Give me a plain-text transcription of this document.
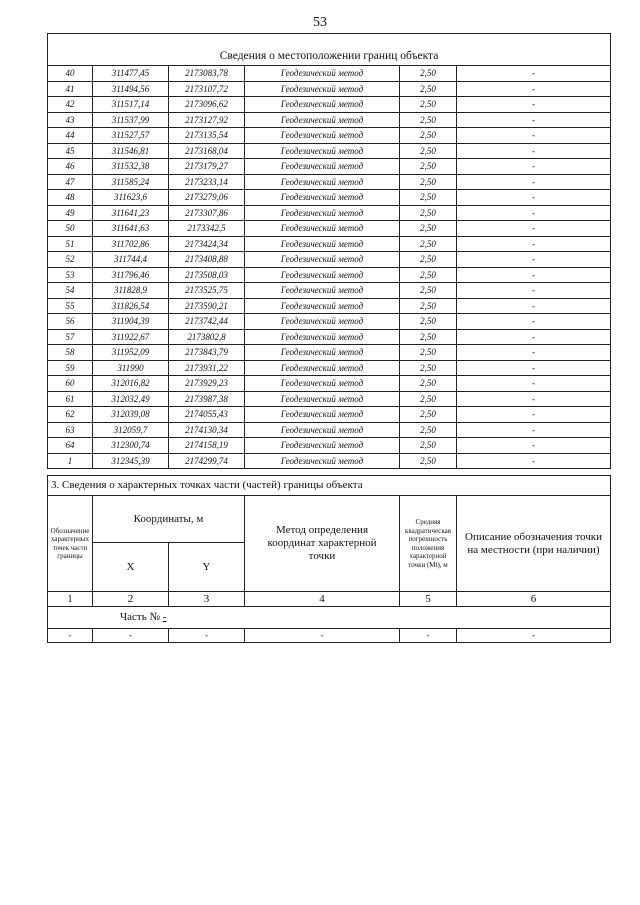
53
Сведения о местоположении границ объекта					
40	311477,45	2173083,78	Геодезический метод	2,50	-
41	311494,56	2173107,72	Геодезический метод	2,50	-
42	311517,14	2173096,62	Геодезический метод	2,50	-
43	311537,99	2173127,92	Геодезический метод	2,50	-
44	311527,57	2173135,54	Геодезический метод	2,50	-
45	311546,81	2173168,04	Геодезический метод	2,50	-
46	311532,38	2173179,27	Геодезический метод	2,50	-
47	311585,24	2173233,14	Геодезический метод	2,50	-
48	311623,6	2173279,06	Геодезический метод	2,50	-
49	311641,23	2173307,86	Геодезический метод	2,50	-
50	311641,63	2173342,5	Геодезический метод	2,50	-
51	311702,86	2173424,34	Геодезический метод	2,50	-
52	311744,4	2173408,88	Геодезический метод	2,50	-
53	311796,46	2173508,03	Геодезический метод	2,50	-
54	311828,9	2173525,75	Геодезический метод	2,50	-
55	311826,54	2173590,21	Геодезический метод	2,50	-
56	311904,39	2173742,44	Геодезический метод	2,50	-
57	311922,67	2173802,8	Геодезический метод	2,50	-
58	311952,09	2173843,79	Геодезический метод	2,50	-
59	311990	2173931,22	Геодезический метод	2,50	-
60	312016,82	2173929,23	Геодезический метод	2,50	-
61	312032,49	2173987,38	Геодезический метод	2,50	-
62	312039,08	2174055,43	Геодезический метод	2,50	-
63	312059,7	2174130,34	Геодезический метод	2,50	-
64	312300,74	2174158,19	Геодезический метод	2,50	-
1	312345,39	2174299,74	Геодезический метод	2,50	-
3. Сведения о характерных точках части (частей) границы объекта					
Обозначение характерных точек части границы	Координаты, м		Метод определения координат характерной точки	Средняя квадратическая погрешность положения характерной точки (Мt), м	Описание обозначения точки на местности (при наличии)
	X	Y			
1	2	3	4	5	6
Часть № -					
-	-	-	-	-	-
